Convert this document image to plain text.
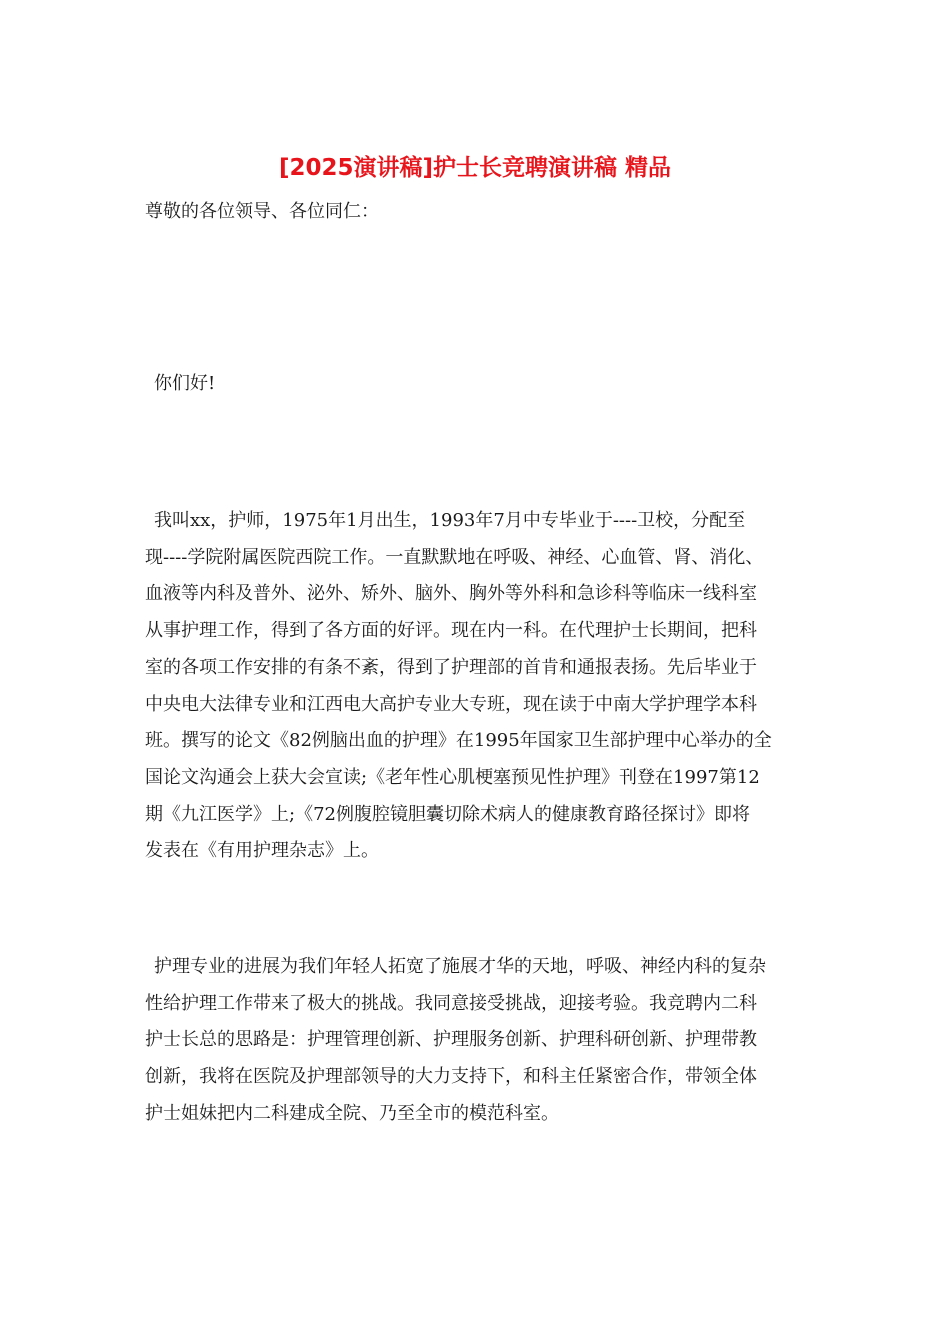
[2025演讲稿]护士长竞聘演讲稿 精品

尊敬的各位领导、各位同仁：

你们好!

我叫xx，护师，1975年1月出生，1993年7月中专毕业于----卫校，分配至
现----学院附属医院西院工作。一直默默地在呼吸、神经、心血管、肾、消化、
血液等内科及普外、泌外、矫外、脑外、胸外等外科和急诊科等临床一线科室
从事护理工作，得到了各方面的好评。现在内一科。在代理护士长期间，把科
室的各项工作安排的有条不紊，得到了护理部的首肯和通报表扬。先后毕业于
中央电大法律专业和江西电大高护专业大专班，现在读于中南大学护理学本科
班。撰写的论文《82例脑出血的护理》在1995年国家卫生部护理中心举办的全
国论文沟通会上获大会宣读;《老年性心肌梗塞预见性护理》刊登在1997第12
期《九江医学》上;《72例腹腔镜胆囊切除术病人的健康教育路径探讨》即将
发表在《有用护理杂志》上。
护理专业的进展为我们年轻人拓宽了施展才华的天地，呼吸、神经内科的复杂
性给护理工作带来了极大的挑战。我同意接受挑战，迎接考验。我竞聘内二科
护士长总的思路是：护理管理创新、护理服务创新、护理科研创新、护理带教
创新，我将在医院及护理部领导的大力支持下，和科主任紧密合作，带领全体
护士姐妹把内二科建成全院、乃至全市的模范科室。
